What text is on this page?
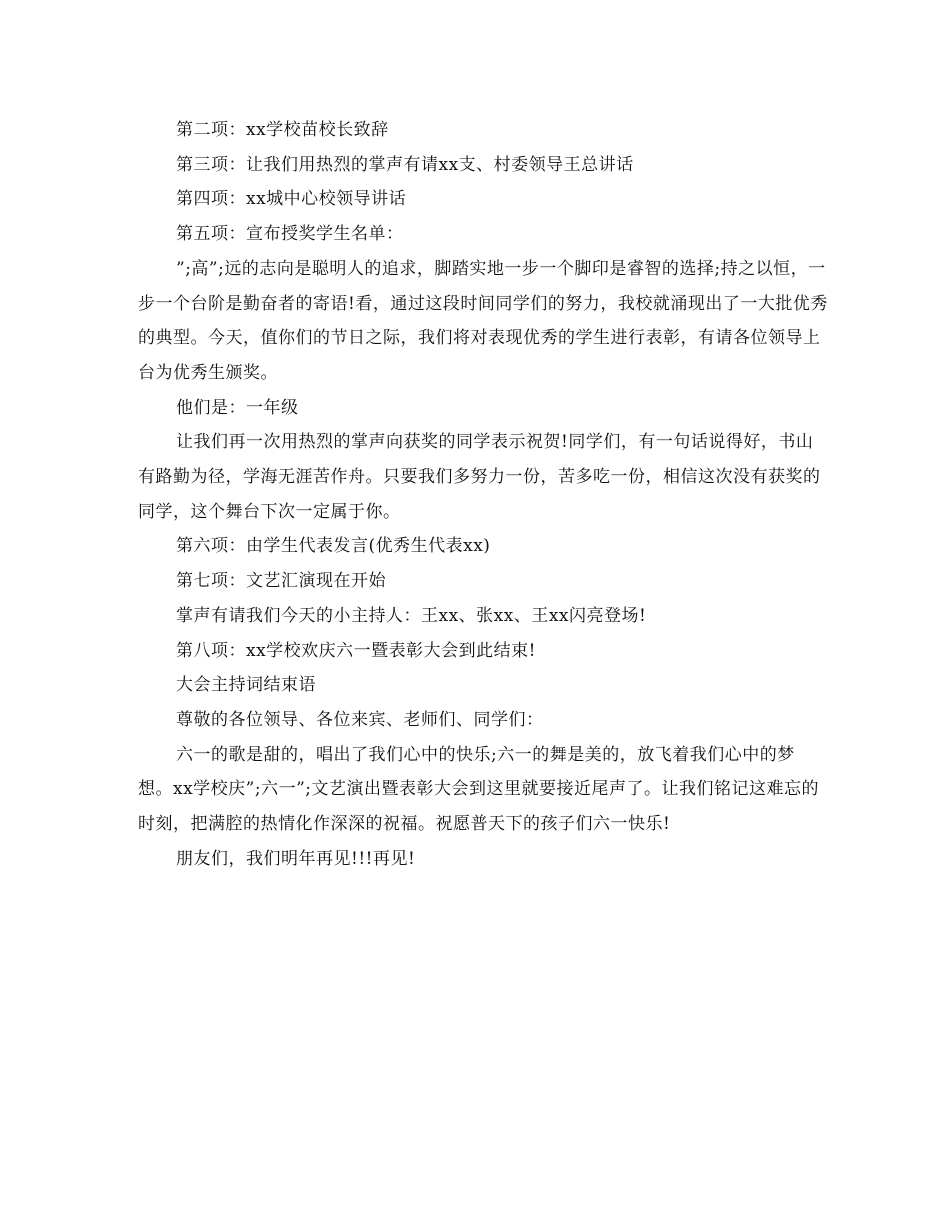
第二项：xx学校苗校长致辞

第三项：让我们用热烈的掌声有请xx支、村委领导王总讲话

第四项：xx城中心校领导讲话

第五项：宣布授奖学生名单：

”;高”;远的志向是聪明人的追求，脚踏实地一步一个脚印是睿智的选择;持之以恒，一步一个台阶是勤奋者的寄语!看，通过这段时间同学们的努力，我校就涌现出了一大批优秀的典型。今天，值你们的节日之际，我们将对表现优秀的学生进行表彰，有请各位领导上台为优秀生颁奖。

他们是：一年级

让我们再一次用热烈的掌声向获奖的同学表示祝贺!同学们，有一句话说得好，书山有路勤为径，学海无涯苦作舟。只要我们多努力一份，苦多吃一份，相信这次没有获奖的同学，这个舞台下次一定属于你。

第六项：由学生代表发言(优秀生代表xx)

第七项：文艺汇演现在开始

掌声有请我们今天的小主持人：王xx、张xx、王xx闪亮登场!

第八项：xx学校欢庆六一暨表彰大会到此结束!

大会主持词结束语

尊敬的各位领导、各位来宾、老师们、同学们：

六一的歌是甜的，唱出了我们心中的快乐;六一的舞是美的，放飞着我们心中的梦想。xx学校庆”;六一”;文艺演出暨表彰大会到这里就要接近尾声了。让我们铭记这难忘的时刻，把满腔的热情化作深深的祝福。祝愿普天下的孩子们六一快乐!

朋友们，我们明年再见!!!再见!
